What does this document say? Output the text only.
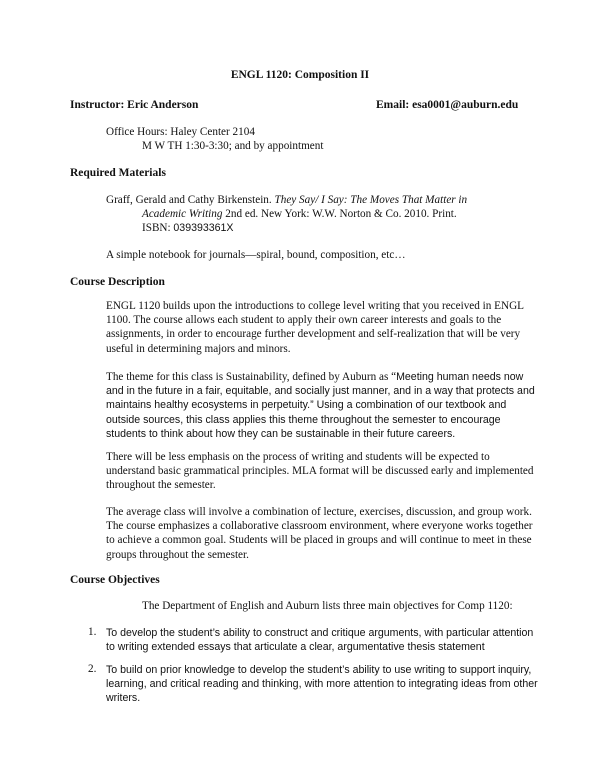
ENGL 1120: Composition II
Instructor: Eric Anderson	Email: esa0001@auburn.edu
Office Hours: Haley Center 2104
M W TH 1:30-3:30; and by appointment
Required Materials
Graff, Gerald and Cathy Birkenstein. They Say/ I Say: The Moves That Matter in
Academic Writing 2nd ed. New York: W.W. Norton & Co. 2010. Print.
ISBN: 039393361X
A simple notebook for journals—spiral, bound, composition, etc…
Course Description

ENGL 1120 builds upon the introductions to college level writing that you received in ENGL 1100. The course allows each student to apply their own career interests and goals to the assignments, in order to encourage further development and self-realization that will be very useful in determining majors and minors.

The theme for this class is Sustainability, defined by Auburn as “Meeting human needs now and in the future in a fair, equitable, and socially just manner, and in a way that protects and maintains healthy ecosystems in perpetuity.” Using a combination of our textbook and outside sources, this class applies this theme throughout the semester to encourage students to think about how they can be sustainable in their future careers.

There will be less emphasis on the process of writing and students will be expected to understand basic grammatical principles. MLA format will be discussed early and implemented throughout the semester.

The average class will involve a combination of lecture, exercises, discussion, and group work. The course emphasizes a collaborative classroom environment, where everyone works together to achieve a common goal. Students will be placed in groups and will continue to meet in these groups throughout the semester.

Course Objectives
The Department of English and Auburn lists three main objectives for Comp 1120:
1. To develop the student’s ability to construct and critique arguments, with particular attention to writing extended essays that articulate a clear, argumentative thesis statement

2. To build on prior knowledge to develop the student’s ability to use writing to support inquiry, learning, and critical reading and thinking, with more attention to integrating ideas from other writers.
